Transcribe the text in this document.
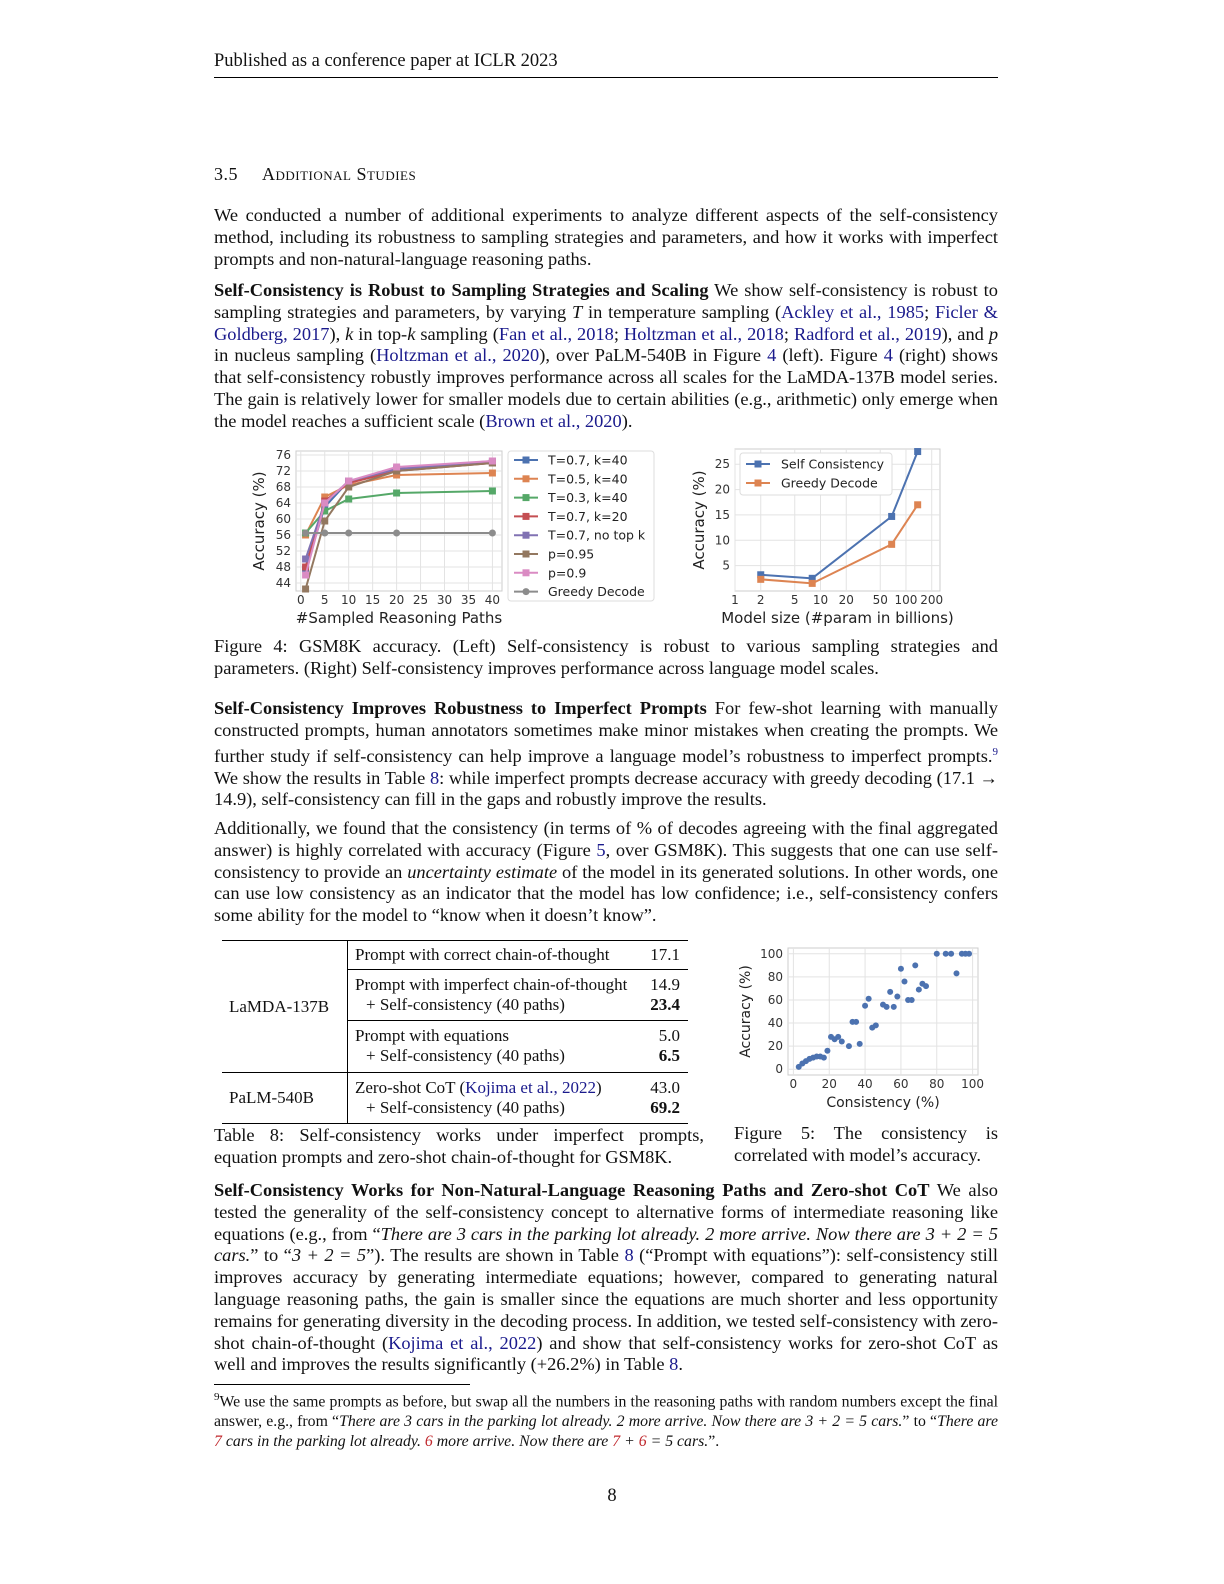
Published as a conference paper at ICLR 2023
3.5 Additional Studies
We conducted a number of additional experiments to analyze different aspects of the self-consistency method, including its robustness to sampling strategies and parameters, and how it works with imperfect prompts and non-natural-language reasoning paths.
Self-Consistency is Robust to Sampling Strategies and Scaling We show self-consistency is robust to sampling strategies and parameters, by varying T in temperature sampling (Ackley et al., 1985; Ficler & Goldberg, 2017), k in top-k sampling (Fan et al., 2018; Holtzman et al., 2018; Radford et al., 2019), and p in nucleus sampling (Holtzman et al., 2020), over PaLM-540B in Figure 4 (left). Figure 4 (right) shows that self-consistency robustly improves performance across all scales for the LaMDA-137B model series. The gain is relatively lower for smaller models due to certain abilities (e.g., arithmetic) only emerge when the model reaches a sufficient scale (Brown et al., 2020).
0 5 10 15 20 25 30 35 40
44
48
52
56
60
64
68
72
76
#Sampled Reasoning Paths
Accuracy (%)
T=0.7, k=40
T=0.5, k=40
T=0.3, k=40
T=0.7, k=20
T=0.7, no top k
p=0.95
p=0.9
Greedy Decode
1 2 5 10 20 50 100 200
5
10
15
20
25
Model size (#param in billions)
Accuracy (%)
Self Consistency
Greedy Decode
Figure 4: GSM8K accuracy. (Left) Self-consistency is robust to various sampling strategies and parameters. (Right) Self-consistency improves performance across language model scales.
Self-Consistency Improves Robustness to Imperfect Prompts For few-shot learning with manually constructed prompts, human annotators sometimes make minor mistakes when creating the prompts. We further study if self-consistency can help improve a language model’s robustness to imperfect prompts.$^9$ We show the results in Table 8: while imperfect prompts decrease accuracy with greedy decoding (17.1 → 14.9), self-consistency can fill in the gaps and robustly improve the results.
Additionally, we found that the consistency (in terms of % of decodes agreeing with the final aggregated answer) is highly correlated with accuracy (Figure 5, over GSM8K). This suggests that one can use self-consistency to provide an uncertainty estimate of the model in its generated solutions. In other words, one can use low consistency as an indicator that the model has low confidence; i.e., self-consistency confers some ability for the model to “know when it doesn’t know”.
LaMDA-137B	Prompt with correct chain-of-thought	17.1
	Prompt with imperfect chain-of-thought	14.9
	+ Self-consistency (40 paths)	23.4
	Prompt with equations	5.0
	+ Self-consistency (40 paths)	6.5
PaLM-540B	Zero-shot CoT (Kojima et al., 2022)	43.0
	+ Self-consistency (40 paths)	69.2
0 20 40 60 80 100
0
20
40
60
80
100
Consistency (%)
Accuracy (%)
Table 8: Self-consistency works under imperfect prompts, equation prompts and zero-shot chain-of-thought for GSM8K.
Figure 5: The consistency is correlated with model’s accuracy.
Self-Consistency Works for Non-Natural-Language Reasoning Paths and Zero-shot CoT We also tested the generality of the self-consistency concept to alternative forms of intermediate reasoning like equations (e.g., from “There are 3 cars in the parking lot already. 2 more arrive. Now there are 3 + 2 = 5 cars.” to “3 + 2 = 5”). The results are shown in Table 8 (“Prompt with equations”): self-consistency still improves accuracy by generating intermediate equations; however, compared to generating natural language reasoning paths, the gain is smaller since the equations are much shorter and less opportunity remains for generating diversity in the decoding process. In addition, we tested self-consistency with zero-shot chain-of-thought (Kojima et al., 2022) and show that self-consistency works for zero-shot CoT as well and improves the results significantly (+26.2%) in Table 8.
$^9$We use the same prompts as before, but swap all the numbers in the reasoning paths with random numbers except the final answer, e.g., from “There are 3 cars in the parking lot already. 2 more arrive. Now there are 3 + 2 = 5 cars.” to “There are 7 cars in the parking lot already. 6 more arrive. Now there are 7 + 6 = 5 cars.”.
8
